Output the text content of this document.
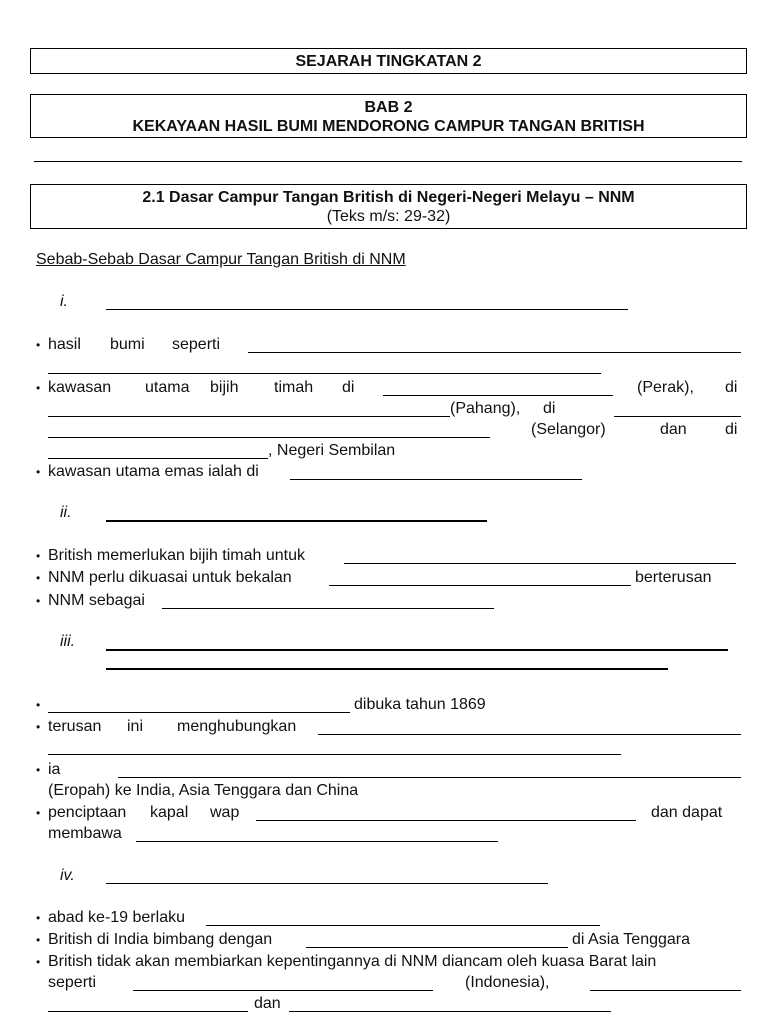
SEJARAH TINGKATAN 2
BAB 2
KEKAYAAN HASIL BUMI MENDORONG CAMPUR TANGAN BRITISH
2.1 Dasar Campur Tangan British di Negeri-Negeri Melayu – NNM
(Teks m/s: 29-32)
Sebab-Sebab Dasar Campur Tangan British di NNM
i.
• hasil bumi seperti
• kawasan utama bijih timah di	(Perak), di
(Pahang), di
(Selangor)	dan di
, Negeri Sembilan
• kawasan utama emas ialah di
ii.
• British memerlukan bijih timah untuk
• NNM perlu dikuasai untuk bekalan	berterusan
• NNM sebagai
iii.
•	dibuka tahun 1869
• terusan ini menghubungkan
• ia
(Eropah) ke India, Asia Tenggara dan China
• penciptaan kapal wap	dan dapat
membawa
iv.
• abad ke-19 berlaku
• British di India bimbang dengan	di Asia Tenggara
• British tidak akan membiarkan kepentingannya di NNM diancam oleh kuasa Barat lain
seperti	(Indonesia),
dan
